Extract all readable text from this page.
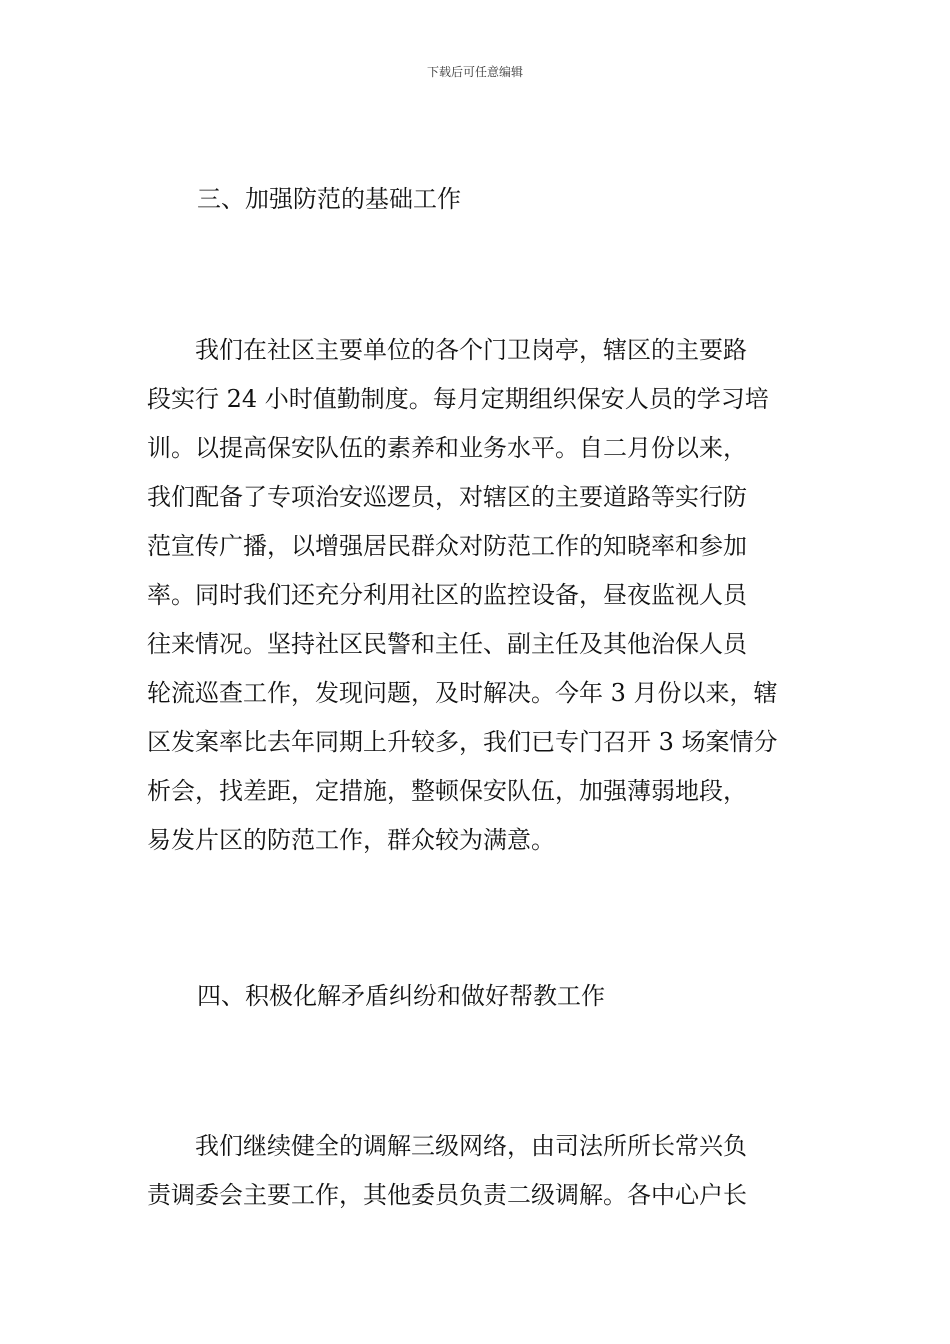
下载后可任意编辑
三、加强防范的基础工作
　　我们在社区主要单位的各个门卫岗亭，辖区的主要路
段实行 24 小时值勤制度。每月定期组织保安人员的学习培
训。以提高保安队伍的素养和业务水平。自二月份以来，
我们配备了专项治安巡逻员，对辖区的主要道路等实行防
范宣传广播，以增强居民群众对防范工作的知晓率和参加
率。同时我们还充分利用社区的监控设备，昼夜监视人员
往来情况。坚持社区民警和主任、副主任及其他治保人员
轮流巡查工作，发现问题，及时解决。今年 3 月份以来，辖
区发案率比去年同期上升较多，我们已专门召开 3 场案情分
析会，找差距，定措施，整顿保安队伍，加强薄弱地段，
易发片区的防范工作，群众较为满意。
四、积极化解矛盾纠纷和做好帮教工作
　　我们继续健全的调解三级网络，由司法所所长常兴负
责调委会主要工作，其他委员负责二级调解。各中心户长
